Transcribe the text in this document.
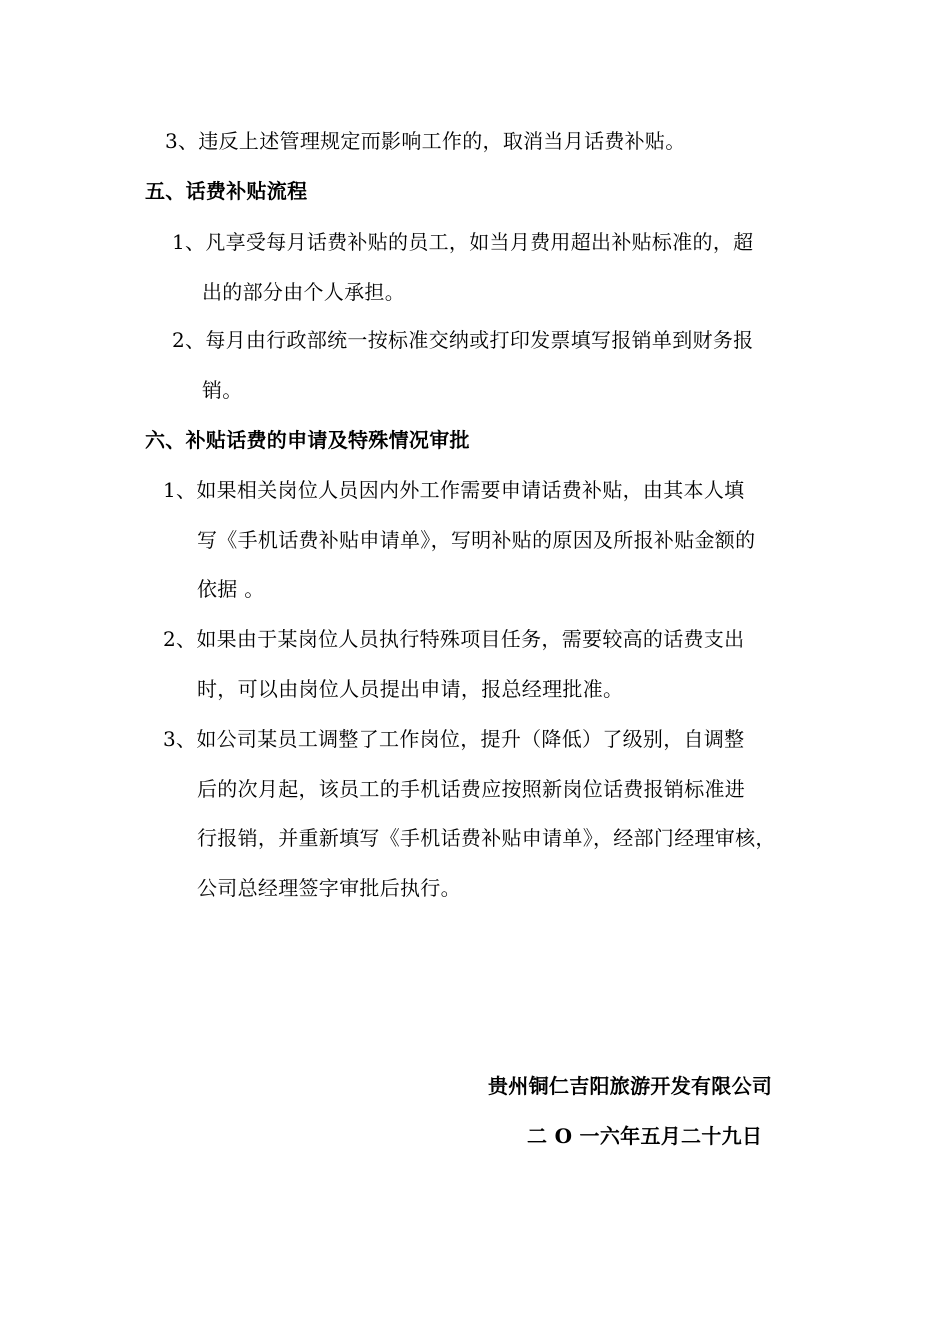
3、违反上述管理规定而影响工作的，取消当月话费补贴。

五、话费补贴流程

1、凡享受每月话费补贴的员工，如当月费用超出补贴标准的，超

出的部分由个人承担。

2、每月由行政部统一按标准交纳或打印发票填写报销单到财务报

销。

六、补贴话费的申请及特殊情况审批

1、如果相关岗位人员因内外工作需要申请话费补贴，由其本人填

写《手机话费补贴申请单》，写明补贴的原因及所报补贴金额的

依据 。

2、如果由于某岗位人员执行特殊项目任务，需要较高的话费支出

时，可以由岗位人员提出申请，报总经理批准。

3、如公司某员工调整了工作岗位，提升（降低）了级别，自调整

后的次月起，该员工的手机话费应按照新岗位话费报销标准进

行报销，并重新填写《手机话费补贴申请单》，经部门经理审核，

公司总经理签字审批后执行。

贵州铜仁吉阳旅游开发有限公司

二 O 一六年五月二十九日
